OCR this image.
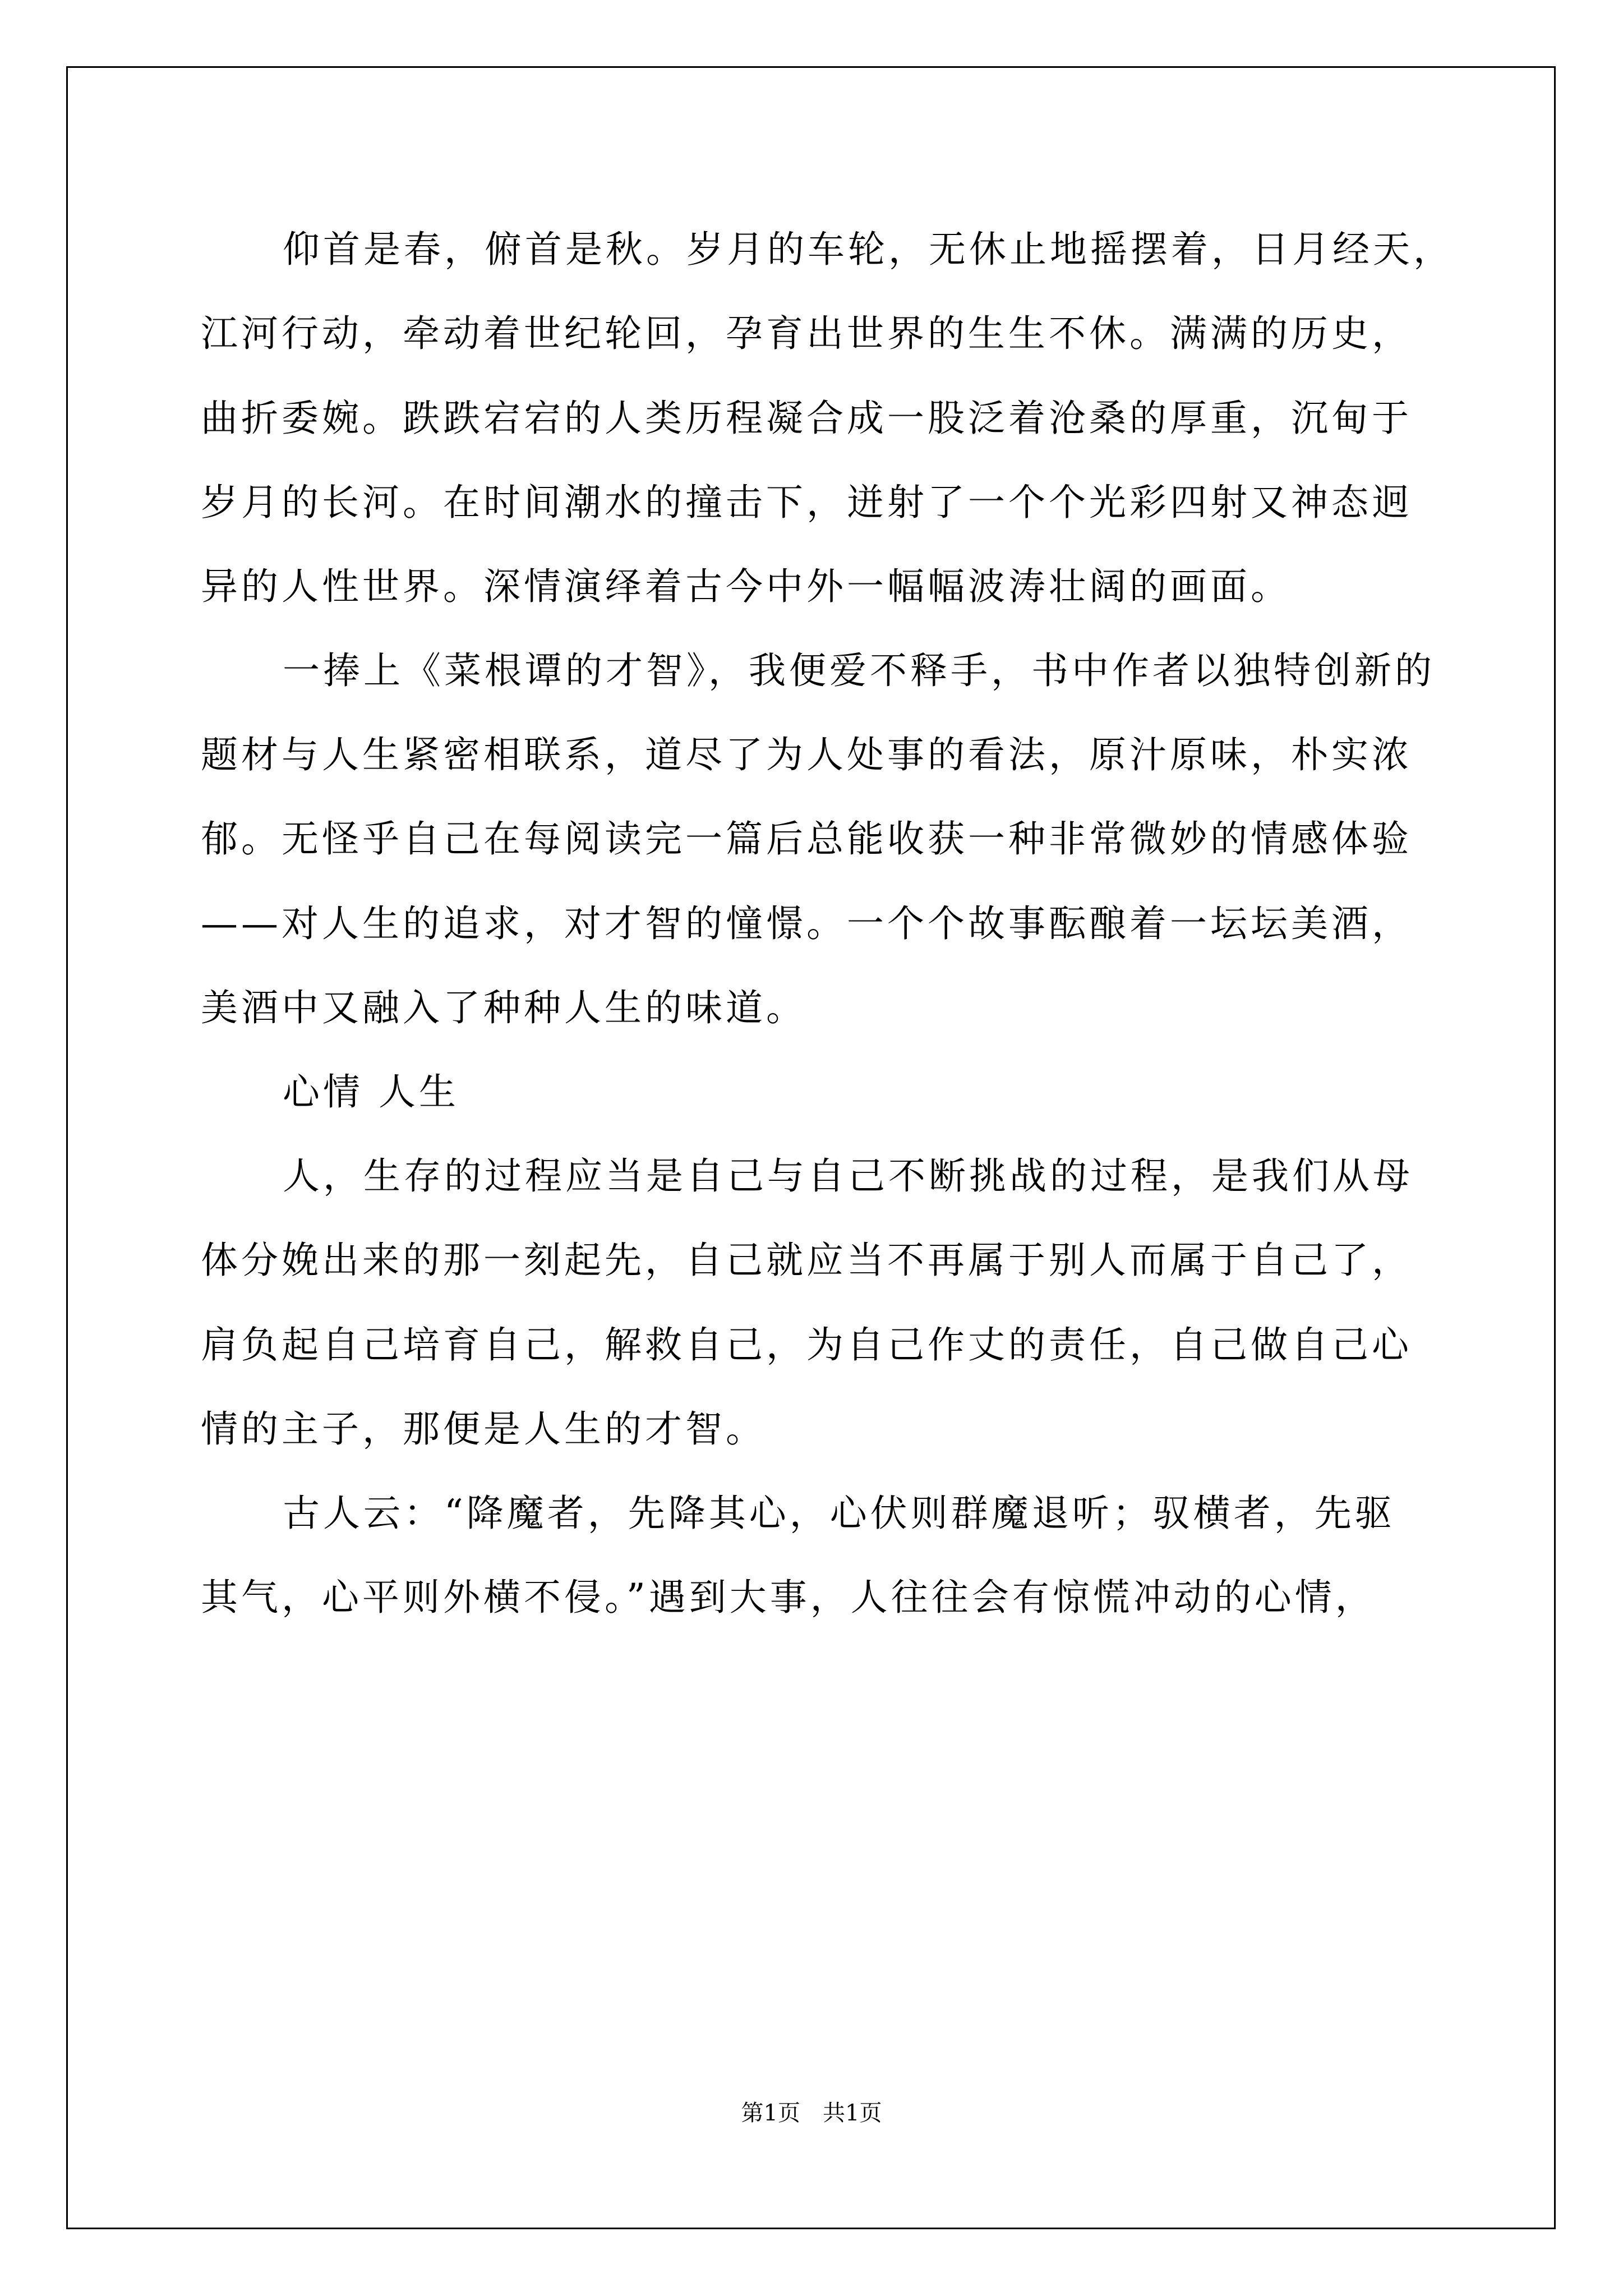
仰首是春，俯首是秋。岁月的车轮，无休止地摇摆着，日月经天，
江河行动，牵动着世纪轮回，孕育出世界的生生不休。满满的历史，
曲折委婉。跌跌宕宕的人类历程凝合成一股泛着沧桑的厚重，沉甸于
岁月的长河。在时间潮水的撞击下，迸射了一个个光彩四射又神态迥
异的人性世界。深情演绎着古今中外一幅幅波涛壮阔的画面。
一捧上《菜根谭的才智》，我便爱不释手，书中作者以独特创新的
题材与人生紧密相联系，道尽了为人处事的看法，原汁原味，朴实浓
郁。无怪乎自己在每阅读完一篇后总能收获一种非常微妙的情感体验
——对人生的追求，对才智的憧憬。一个个故事酝酿着一坛坛美酒，
美酒中又融入了种种人生的味道。
心情 人生
人，生存的过程应当是自己与自己不断挑战的过程，是我们从母
体分娩出来的那一刻起先，自己就应当不再属于别人而属于自己了，
肩负起自己培育自己，解救自己，为自己作丈的责任，自己做自己心
情的主子，那便是人生的才智。
古人云：“降魔者，先降其心，心伏则群魔退听；驭横者，先驱
其气，心平则外横不侵。”遇到大事，人往往会有惊慌冲动的心情，
第1页　共1页
